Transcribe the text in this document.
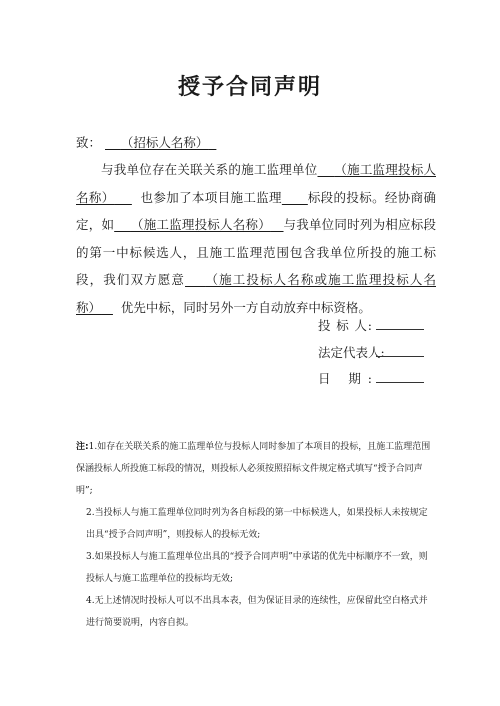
授予合同声明
致： （招标人名称）
与我单位存在关联关系的施工监理单位 （施工监理投标人名称） 也参加了本项目施工监理 标段的投标。经协商确定，如 （施工监理投标人名称） 与我单位同时列为相应标段的第一中标候选人，且施工监理范围包含我单位所投的施工标段，我们双方愿意 （施工投标人名称或施工监理投标人名称） 优先中标，同时另外一方自动放弃中标资格。
投 标 人:
法定代表人:
日 期:

注:1.如存在关联关系的施工监理单位与投标人同时参加了本项目的投标，且施工监理范围保涵投标人所投施工标段的情况，则投标人必须按照招标文件规定格式填写“授予合同声明”;

2.当投标人与施工监理单位同时列为各自标段的第一中标候选人，如果投标人未按规定出具“授予合同声明”，则投标人的投标无效;

3.如果投标人与施工监理单位出具的“授予合同声明”中承诺的优先中标顺序不一致，则投标人与施工监理单位的投标均无效;

4.无上述情况时投标人可以不出具本表，但为保证目录的连续性，应保留此空白格式并进行简要说明，内容自拟。
